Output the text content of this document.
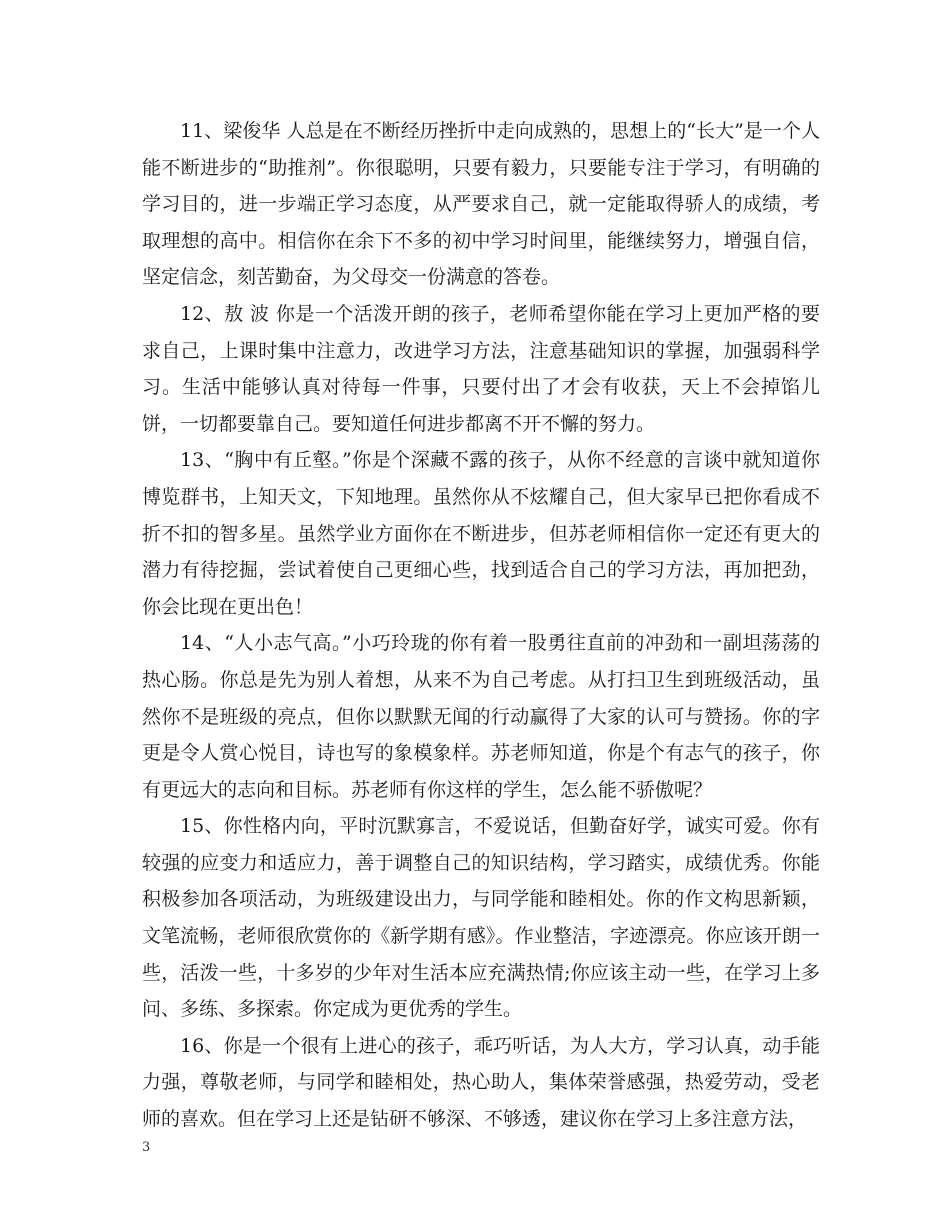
11、梁俊华 人总是在不断经历挫折中走向成熟的，思想上的“长大”是一个人能不断进步的“助推剂”。你很聪明，只要有毅力，只要能专注于学习，有明确的学习目的，进一步端正学习态度，从严要求自己，就一定能取得骄人的成绩，考取理想的高中。相信你在余下不多的初中学习时间里，能继续努力，增强自信，坚定信念，刻苦勤奋，为父母交一份满意的答卷。

12、敖 波 你是一个活泼开朗的孩子，老师希望你能在学习上更加严格的要求自己，上课时集中注意力，改进学习方法，注意基础知识的掌握，加强弱科学习。生活中能够认真对待每一件事，只要付出了才会有收获，天上不会掉馅儿饼，一切都要靠自己。要知道任何进步都离不开不懈的努力。

13、“胸中有丘壑。”你是个深藏不露的孩子，从你不经意的言谈中就知道你博览群书，上知天文，下知地理。虽然你从不炫耀自己，但大家早已把你看成不折不扣的智多星。虽然学业方面你在不断进步，但苏老师相信你一定还有更大的潜力有待挖掘，尝试着使自己更细心些，找到适合自己的学习方法，再加把劲，你会比现在更出色！

14、“人小志气高。”小巧玲珑的你有着一股勇往直前的冲劲和一副坦荡荡的热心肠。你总是先为别人着想，从来不为自己考虑。从打扫卫生到班级活动，虽然你不是班级的亮点，但你以默默无闻的行动赢得了大家的认可与赞扬。你的字更是令人赏心悦目，诗也写的象模象样。苏老师知道，你是个有志气的孩子，你有更远大的志向和目标。苏老师有你这样的学生，怎么能不骄傲呢？

15、你性格内向，平时沉默寡言，不爱说话，但勤奋好学，诚实可爱。你有较强的应变力和适应力，善于调整自己的知识结构，学习踏实，成绩优秀。你能积极参加各项活动，为班级建设出力，与同学能和睦相处。你的作文构思新颖，文笔流畅，老师很欣赏你的《新学期有感》。作业整洁，字迹漂亮。你应该开朗一些，活泼一些，十多岁的少年对生活本应充满热情;你应该主动一些，在学习上多问、多练、多探索。你定成为更优秀的学生。

16、你是一个很有上进心的孩子，乖巧听话，为人大方，学习认真，动手能力强，尊敬老师，与同学和睦相处，热心助人，集体荣誉感强，热爱劳动，受老师的喜欢。但在学习上还是钻研不够深、不够透，建议你在学习上多注意方法，

3
